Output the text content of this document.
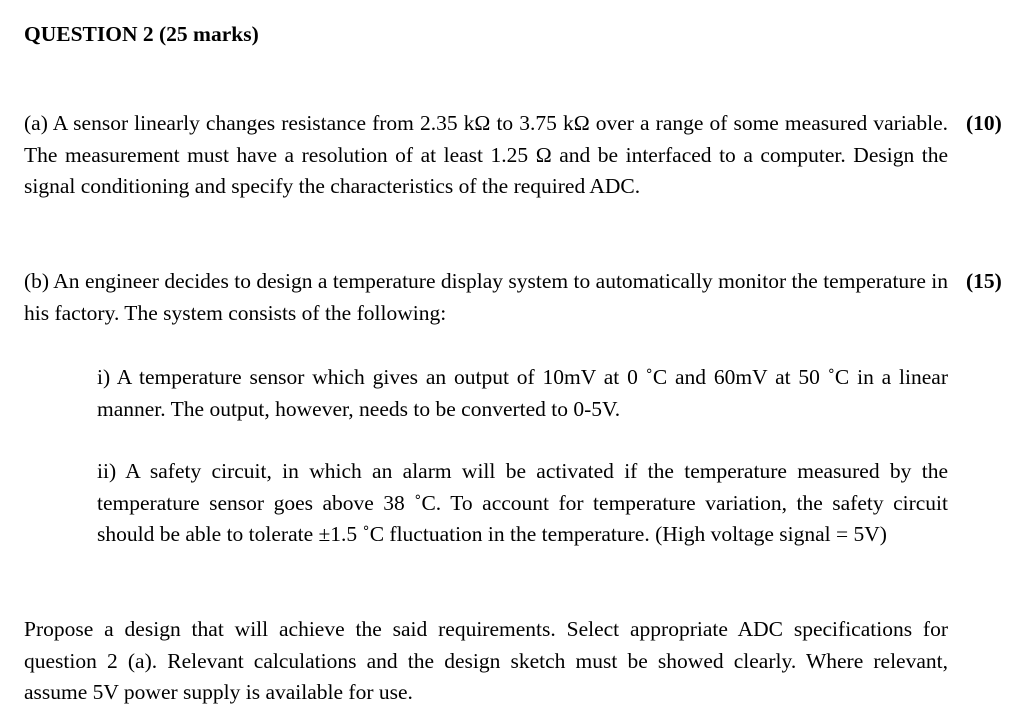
QUESTION 2 (25 marks)

(a) A sensor linearly changes resistance from 2.35 kΩ to 3.75 kΩ over a range of some measured variable. The measurement must have a resolution of at least 1.25 Ω and be interfaced to a computer. Design the signal conditioning and specify the characteristics of the required ADC.

(10)

(b) An engineer decides to design a temperature display system to automatically monitor the temperature in his factory. The system consists of the following:

(15)

i) A temperature sensor which gives an output of 10mV at 0 ˚C and 60mV at 50 ˚C in a linear manner. The output, however, needs to be converted to 0-5V.

ii) A safety circuit, in which an alarm will be activated if the temperature measured by the temperature sensor goes above 38 ˚C. To account for temperature variation, the safety circuit should be able to tolerate ±1.5 ˚C fluctuation in the temperature. (High voltage signal = 5V)

Propose a design that will achieve the said requirements. Select appropriate ADC specifications for question 2 (a). Relevant calculations and the design sketch must be showed clearly. Where relevant, assume 5V power supply is available for use.
